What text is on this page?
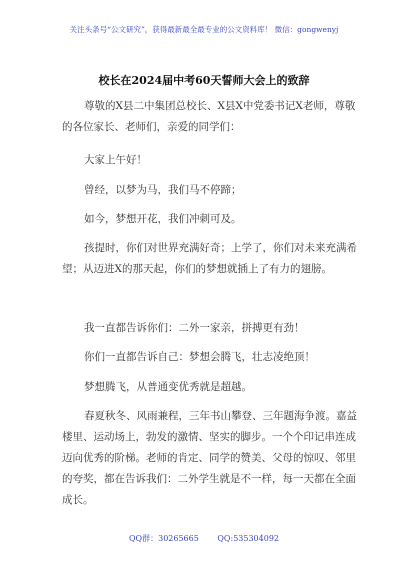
关注头条号“公文研究”，获得最新最全最专业的公文资料库！ 微信：gongwenyj
校长在2024届中考60天誓师大会上的致辞

尊敬的X县二中集团总校长、X县X中党委书记X老师，尊敬的各位家长、老师们，亲爱的同学们：

大家上午好！

曾经，以梦为马，我们马不停蹄；

如今，梦想开花，我们冲刺可及。

孩提时，你们对世界充满好奇；上学了，你们对未来充满希望；从迈进X的那天起，你们的梦想就插上了有力的翅膀。

我一直都告诉你们：二外一家亲，拼搏更有劲！

你们一直都告诉自己：梦想会腾飞，壮志凌绝顶！

梦想腾飞，从普通变优秀就是超越。

春夏秋冬、风雨兼程，三年书山攀登、三年题海争渡。嘉益楼里、运动场上，勃发的激情、坚实的脚步。一个个印记串连成迈向优秀的阶梯。老师的肯定、同学的赞美、父母的惊叹、邻里的夸奖，都在告诉我们：二外学生就是不一样，每一天都在全面成长。

QQ群：30265665 QQ:535304092
